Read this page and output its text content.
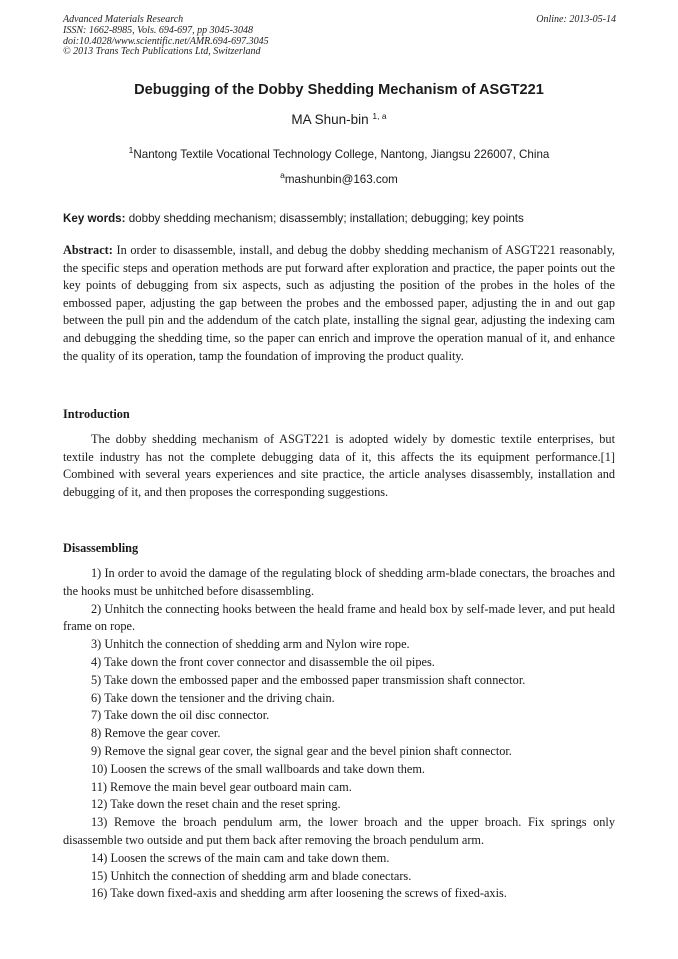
Advanced Materials Research
ISSN: 1662-8985, Vols. 694-697, pp 3045-3048
doi:10.4028/www.scientific.net/AMR.694-697.3045
© 2013 Trans Tech Publications Ltd, Switzerland
Online: 2013-05-14
Debugging of the Dobby Shedding Mechanism of ASGT221
MA Shun-bin $^{1, a}$
$^1$Nantong Textile Vocational Technology College, Nantong, Jiangsu 226007, China
$^a$mashunbin@163.com
Key words: dobby shedding mechanism; disassembly; installation; debugging; key points
Abstract: In order to disassemble, install, and debug the dobby shedding mechanism of ASGT221 reasonably, the specific steps and operation methods are put forward after exploration and practice, the paper points out the key points of debugging from six aspects, such as adjusting the position of the probes in the holes of the embossed paper, adjusting the gap between the probes and the embossed paper, adjusting the in and out gap between the pull pin and the addendum of the catch plate, installing the signal gear, adjusting the indexing cam and debugging the shedding time, so the paper can enrich and improve the operation manual of it, and enhance the quality of its operation, tamp the foundation of improving the product quality.
Introduction
The dobby shedding mechanism of ASGT221 is adopted widely by domestic textile enterprises, but textile industry has not the complete debugging data of it, this affects the its equipment performance.[1] Combined with several years experiences and site practice, the article analyses disassembly, installation and debugging of it, and then proposes the corresponding suggestions.
Disassembling
1) In order to avoid the damage of the regulating block of shedding arm-blade conectars, the broaches and the hooks must be unhitched before disassembling.
2) Unhitch the connecting hooks between the heald frame and heald box by self-made lever, and put heald frame on rope.
3) Unhitch the connection of shedding arm and Nylon wire rope.
4) Take down the front cover connector and disassemble the oil pipes.
5) Take down the embossed paper and the embossed paper transmission shaft connector.
6) Take down the tensioner and the driving chain.
7) Take down the oil disc connector.
8) Remove the gear cover.
9) Remove the signal gear cover, the signal gear and the bevel pinion shaft connector.
10) Loosen the screws of the small wallboards and take down them.
11) Remove the main bevel gear outboard main cam.
12) Take down the reset chain and the reset spring.
13) Remove the broach pendulum arm, the lower broach and the upper broach. Fix springs only disassemble two outside and put them back after removing the broach pendulum arm.
14) Loosen the screws of the main cam and take down them.
15) Unhitch the connection of shedding arm and blade conectars.
16) Take down fixed-axis and shedding arm after loosening the screws of fixed-axis.
